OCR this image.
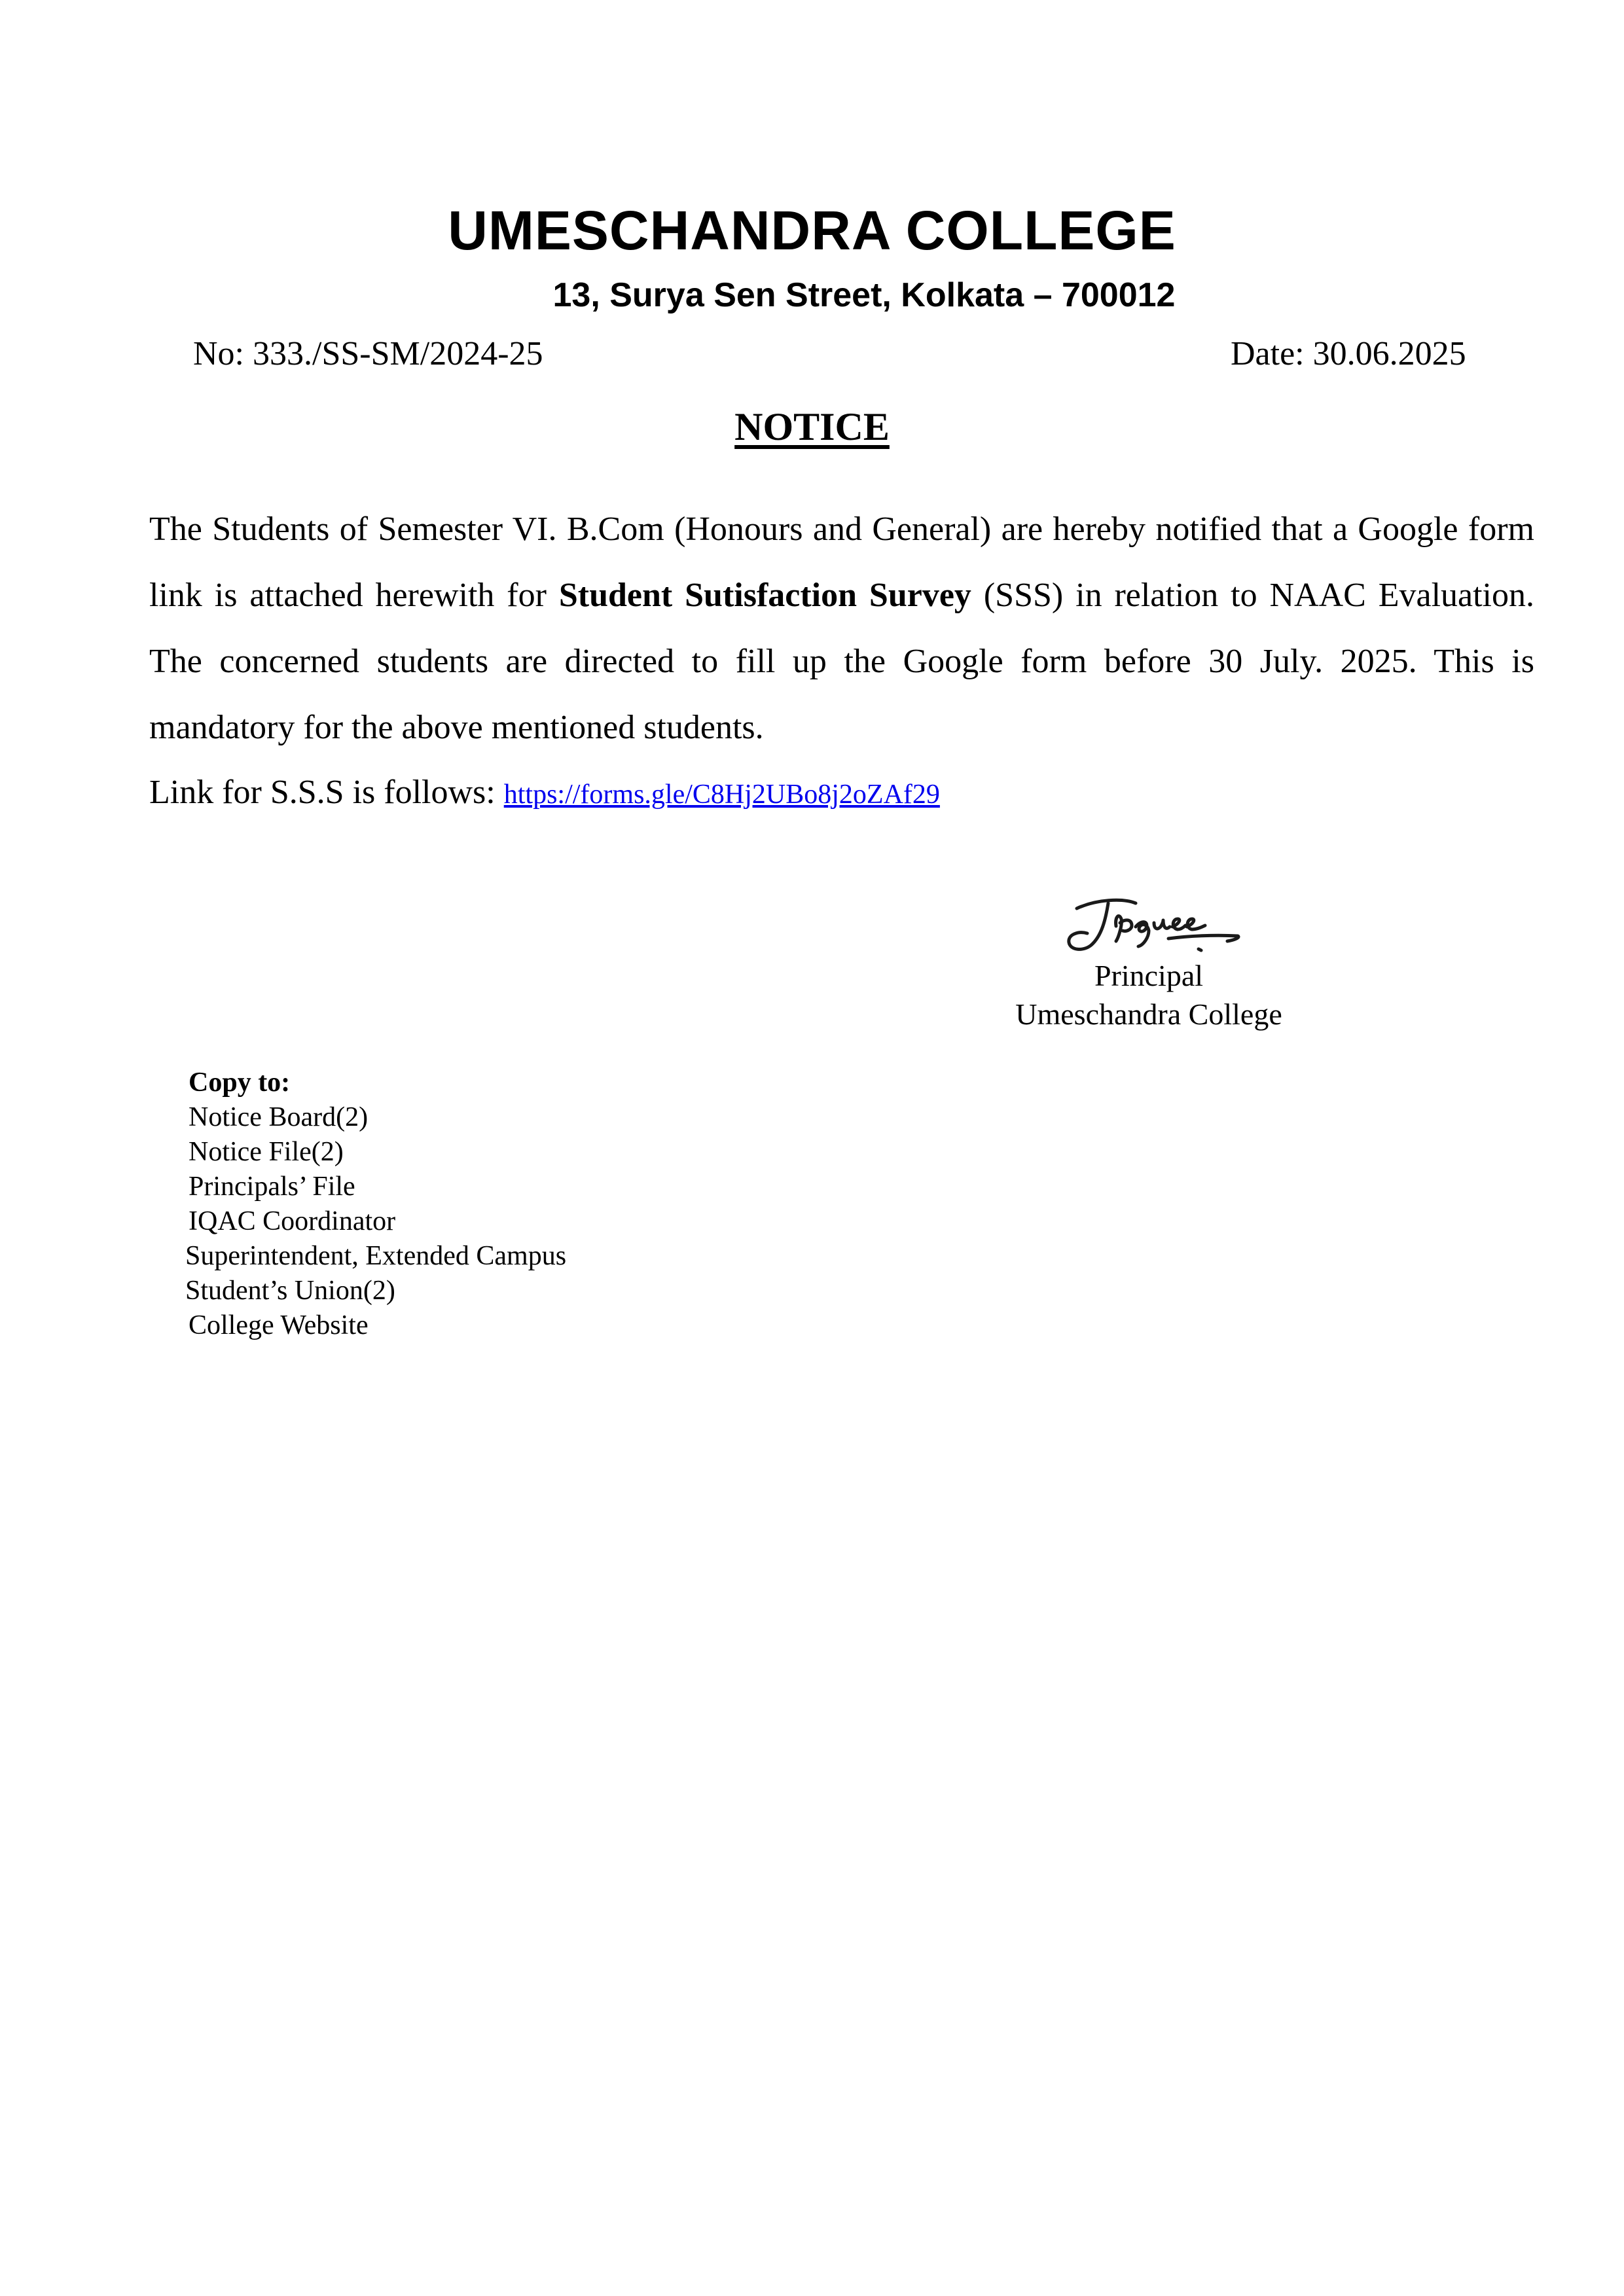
UMESCHANDRA COLLEGE
13, Surya Sen Street, Kolkata – 700012
No: 333./SS-SM/2024-25	Date: 30.06.2025
NOTICE

The Students of Semester VI. B.Com (Honours and General) are hereby notified that a Google form link is attached herewith for Student Sutisfaction Survey (SSS) in relation to NAAC Evaluation. The concerned students are directed to fill up the Google form before 30 July. 2025. This is mandatory for the above mentioned students.

Link for S.S.S is follows: https://forms.gle/C8Hj2UBo8j2oZAf29
Principal
Umeschandra College
Copy to:
Notice Board(2)
Notice File(2)
Principals’ File
IQAC Coordinator
Superintendent, Extended Campus
Student’s Union(2)
College Website
